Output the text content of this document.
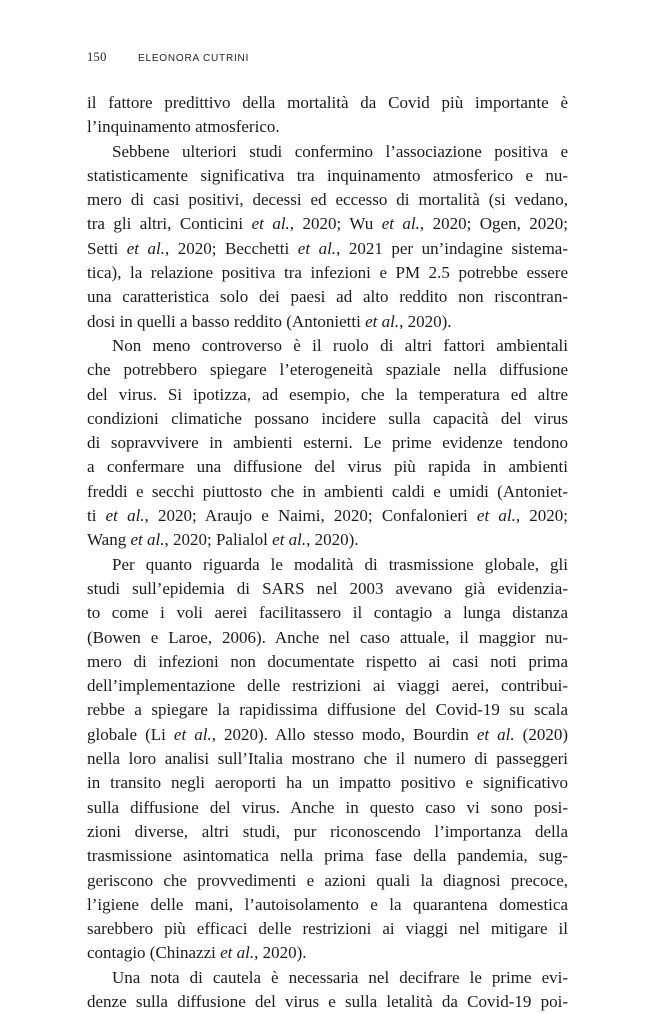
150	ELEONORA CUTRINI

il fattore predittivo della mortalità da Covid più importante è
l’inquinamento atmosferico.

Sebbene ulteriori studi confermino l’associazione positiva e
statisticamente significativa tra inquinamento atmosferico e nu-
mero di casi positivi, decessi ed eccesso di mortalità (si vedano,
tra gli altri, Conticini et al., 2020; Wu et al., 2020; Ogen, 2020;
Setti et al., 2020; Becchetti et al., 2021 per un’indagine sistema-
tica), la relazione positiva tra infezioni e PM 2.5 potrebbe essere
una caratteristica solo dei paesi ad alto reddito non riscontran-
dosi in quelli a basso reddito (Antonietti et al., 2020).

Non meno controverso è il ruolo di altri fattori ambientali
che potrebbero spiegare l’eterogeneità spaziale nella diffusione
del virus. Si ipotizza, ad esempio, che la temperatura ed altre
condizioni climatiche possano incidere sulla capacità del virus
di sopravvivere in ambienti esterni. Le prime evidenze tendono
a confermare una diffusione del virus più rapida in ambienti
freddi e secchi piuttosto che in ambienti caldi e umidi (Antoniet-
ti et al., 2020; Araujo e Naimi, 2020; Confalonieri et al., 2020;
Wang et al., 2020; Palialol et al., 2020).

Per quanto riguarda le modalità di trasmissione globale, gli
studi sull’epidemia di SARS nel 2003 avevano già evidenzia-
to come i voli aerei facilitassero il contagio a lunga distanza
(Bowen e Laroe, 2006). Anche nel caso attuale, il maggior nu-
mero di infezioni non documentate rispetto ai casi noti prima
dell’implementazione delle restrizioni ai viaggi aerei, contribui-
rebbe a spiegare la rapidissima diffusione del Covid-19 su scala
globale (Li et al., 2020). Allo stesso modo, Bourdin et al. (2020)
nella loro analisi sull’Italia mostrano che il numero di passeggeri
in transito negli aeroporti ha un impatto positivo e significativo
sulla diffusione del virus. Anche in questo caso vi sono posi-
zioni diverse, altri studi, pur riconoscendo l’importanza della
trasmissione asintomatica nella prima fase della pandemia, sug-
geriscono che provvedimenti e azioni quali la diagnosi precoce,
l’igiene delle mani, l’autoisolamento e la quarantena domestica
sarebbero più efficaci delle restrizioni ai viaggi nel mitigare il
contagio (Chinazzi et al., 2020).

Una nota di cautela è necessaria nel decifrare le prime evi-
denze sulla diffusione del virus e sulla letalità da Covid-19 poi-
